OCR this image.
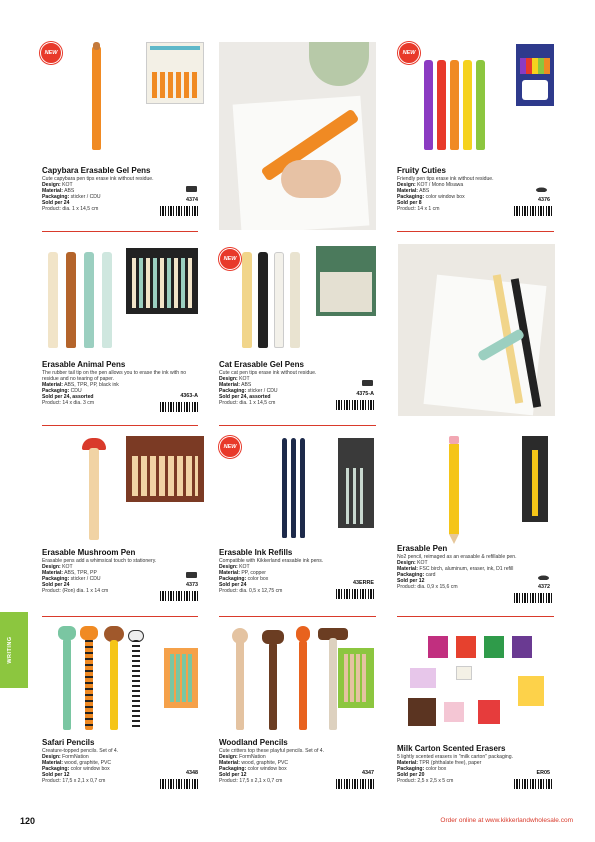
NEW	NEW
Capybara Erasable Gel Pens
Cute capybara pen tips erase ink without residue.
Design: KOT
Material: ABS
Packaging: sticker / CDU
Sold per 24
Product: dia. 1 x 14,5 cm
4374
Fruity Cuties
Friendly pen tips erase ink without residue.
Design: KOT / Mono Misawa
Material: ABS
Packaging: color window box
Sold per 8
Product: 14 x 1 cm
4376
NEW
Erasable Animal Pens
The rubber tail tip on the pen allows you to erase the ink with no residue and no tearing of paper.
Material: ABS, TPR, PP, black ink
Packaging: CDU
Sold per 24, assorted
Product: 14 x dia. 3 cm
4363-A
Cat Erasable Gel Pens
Cute cat pen tips erase ink without residue.
Design: KOT
Material: ABS
Packaging: sticker / CDU
Sold per 24, assorted
Product: dia. 1 x 14,5 cm
4375-A
NEW
Erasable Mushroom Pen
Erasable pens add a whimsical touch to stationery.
Design: KOT
Material: ABS, TPR, PP
Packaging: sticker / CDU
Sold per 24
Product: (Ron) dia. 1 x 14 cm
4373
Erasable Ink Refills
Compatible with Kikkerland erasable ink pens.
Design: KOT
Material: PP, copper
Packaging: color box
Sold per 24
Product: dia. 0,5 x 12,75 cm
43ERRE
Erasable Pen
No2 pencil, reimaged as an erasable & refillable pen.
Design: KOT
Material: FSC birch, aluminum, eraser, ink, D1 refill
Packaging: card
Sold per 12
Product: dia. 0,9 x 15,6 cm	4372
Safari Pencils
Creature-topped pencils. Set of 4.
Design: FormNation
Material: wood, graphite, PVC
Packaging: color window box
Sold per 12
Product: 17,5 x 2,1 x 0,7 cm
4348
Woodland Pencils
Cute critters top these playful pencils. Set of 4.
Design: FormNation
Material: wood, graphite, PVC
Packaging: color window box
Sold per 12
Product: 17,5 x 2,1 x 0,7 cm
4347
Milk Carton Scented Erasers
5 lightly scented erasers in "milk carton" packaging.
Material: TPR (phthalate free), paper
Packaging: color box
Sold per 20
Product: 2,5 x 2,5 x 5 cm
ER05
WRITING
120	Order online at www.kikkerlandwholesale.com
